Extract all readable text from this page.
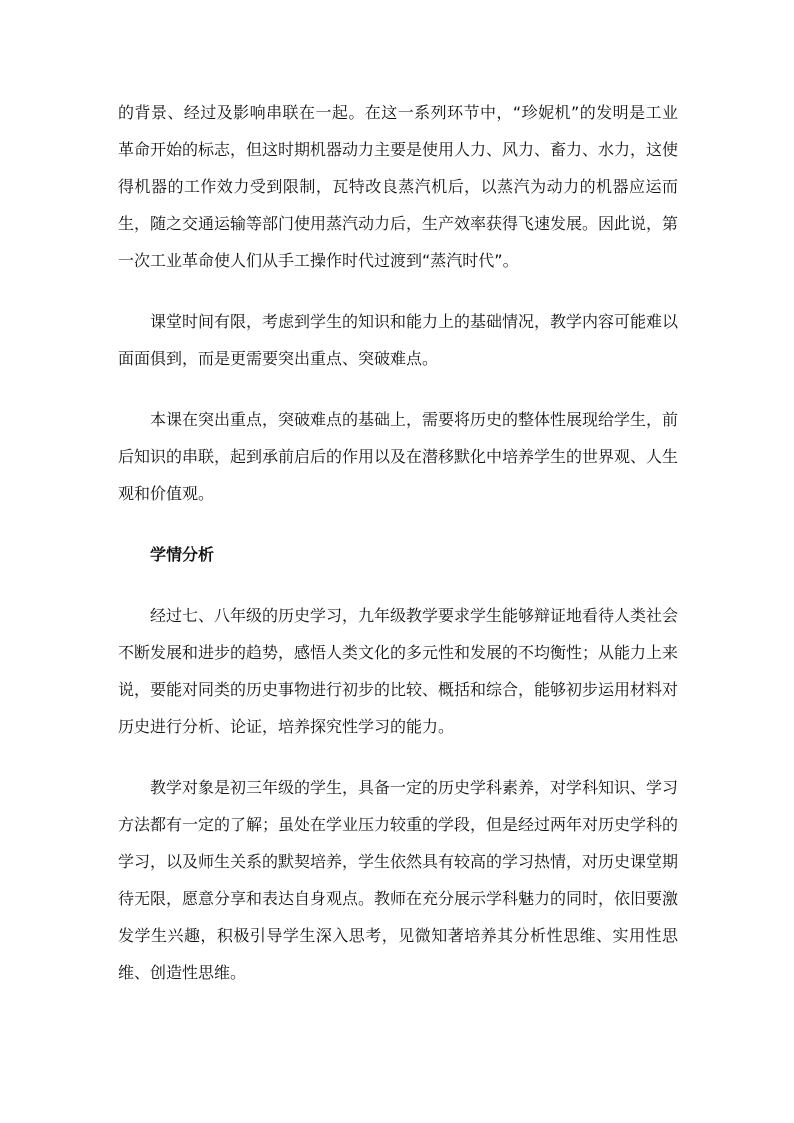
的背景、经过及影响串联在一起。在这一系列环节中，“珍妮机”的发明是工业革命开始的标志，但这时期机器动力主要是使用人力、风力、畜力、水力，这使得机器的工作效力受到限制，瓦特改良蒸汽机后，以蒸汽为动力的机器应运而生，随之交通运输等部门使用蒸汽动力后，生产效率获得飞速发展。因此说，第一次工业革命使人们从手工操作时代过渡到“蒸汽时代”。

课堂时间有限，考虑到学生的知识和能力上的基础情况，教学内容可能难以面面俱到，而是更需要突出重点、突破难点。

本课在突出重点，突破难点的基础上，需要将历史的整体性展现给学生，前后知识的串联，起到承前启后的作用以及在潜移默化中培养学生的世界观、人生观和价值观。

学情分析

经过七、八年级的历史学习，九年级教学要求学生能够辩证地看待人类社会不断发展和进步的趋势，感悟人类文化的多元性和发展的不均衡性；从能力上来说，要能对同类的历史事物进行初步的比较、概括和综合，能够初步运用材料对历史进行分析、论证，培养探究性学习的能力。

教学对象是初三年级的学生，具备一定的历史学科素养，对学科知识、学习方法都有一定的了解；虽处在学业压力较重的学段，但是经过两年对历史学科的学习，以及师生关系的默契培养，学生依然具有较高的学习热情，对历史课堂期待无限，愿意分享和表达自身观点。教师在充分展示学科魅力的同时，依旧要激发学生兴趣，积极引导学生深入思考，见微知著培养其分析性思维、实用性思维、创造性思维。
